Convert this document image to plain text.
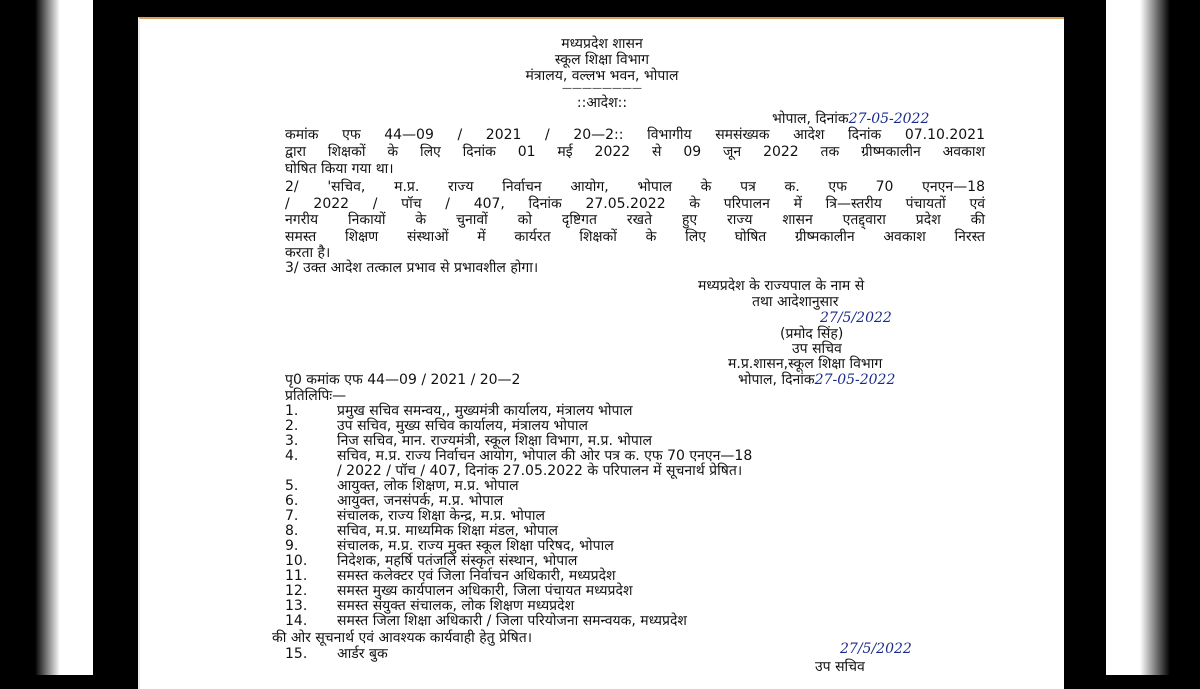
मध्यप्रदेश शासन
स्कूल शिक्षा विभाग
मंत्रालय, वल्लभ भवन, भोपाल
————————
::आदेश::
भोपाल, दिनांक27-05-2022
कमांक एफ 44—09 / 2021 / 20—2:: विभागीय समसंख्यक आदेश दिनांक 07.10.2021
द्वारा शिक्षकों के लिए दिनांक 01 मई 2022 से 09 जून 2022 तक ग्रीष्मकालीन अवकाश
घोषित किया गया था।
2/ 'सचिव, म.प्र. राज्य निर्वाचन आयोग, भोपाल के पत्र क. एफ 70 एनएन—18
/ 2022 / पॉच / 407, दिनांक 27.05.2022 के परिपालन में त्रि—स्तरीय पंचायतों एवं
नगरीय निकायों के चुनावों को दृष्टिगत रखते हुए राज्य शासन एतद्द्वारा प्रदेश की
समस्त शिक्षण संस्थाओं में कार्यरत शिक्षकों के लिए घोषित ग्रीष्मकालीन अवकाश निरस्त
करता है।
3/ उक्त आदेश तत्काल प्रभाव से प्रभावशील होगा।
मध्यप्रदेश के राज्यपाल के नाम से
तथा आदेशानुसार
27/5/2022
(प्रमोद सिंह)
उप सचिव
म.प्र.शासन,स्कूल शिक्षा विभाग
पृ0 कमांक एफ 44—09 / 2021 / 20—2	भोपाल, दिनांक27-05-2022
प्रतिलिपिः—
1.	प्रमुख सचिव समन्वय,, मुख्यमंत्री कार्यालय, मंत्रालय भोपाल
2.	उप सचिव, मुख्य सचिव कार्यालय, मंत्रालय भोपाल
3.	निज सचिव, मान. राज्यमंत्री, स्कूल शिक्षा विभाग, म.प्र. भोपाल
4.	सचिव, म.प्र. राज्य निर्वाचन आयोग, भोपाल की ओर पत्र क. एफ 70 एनएन—18
/ 2022 / पॉच / 407, दिनांक 27.05.2022 के परिपालन में सूचनार्थ प्रेषित।
5.	आयुक्त, लोक शिक्षण, म.प्र. भोपाल
6.	आयुक्त, जनसंपर्क, म.प्र. भोपाल
7.	संचालक, राज्य शिक्षा केन्द्र, म.प्र. भोपाल
8.	सचिव, म.प्र. माध्यमिक शिक्षा मंडल, भोपाल
9.	संचालक, म.प्र. राज्य मुक्त स्कूल शिक्षा परिषद, भोपाल
10. निदेशक, महर्षि पतंजलि संस्कृत संस्थान, भोपाल
11. समस्त कलेक्टर एवं जिला निर्वाचन अधिकारी, मध्यप्रदेश
12. समस्त मुख्य कार्यपालन अधिकारी, जिला पंचायत मध्यप्रदेश
13. समस्त संयुक्त संचालक, लोक शिक्षण मध्यप्रदेश
14. समस्त जिला शिक्षा अधिकारी / जिला परियोजना समन्वयक, मध्यप्रदेश
की ओर सूचनार्थ एवं आवश्यक कार्यवाही हेतु प्रेषित।
15. आर्डर बुक	27/5/2022
उप सचिव
